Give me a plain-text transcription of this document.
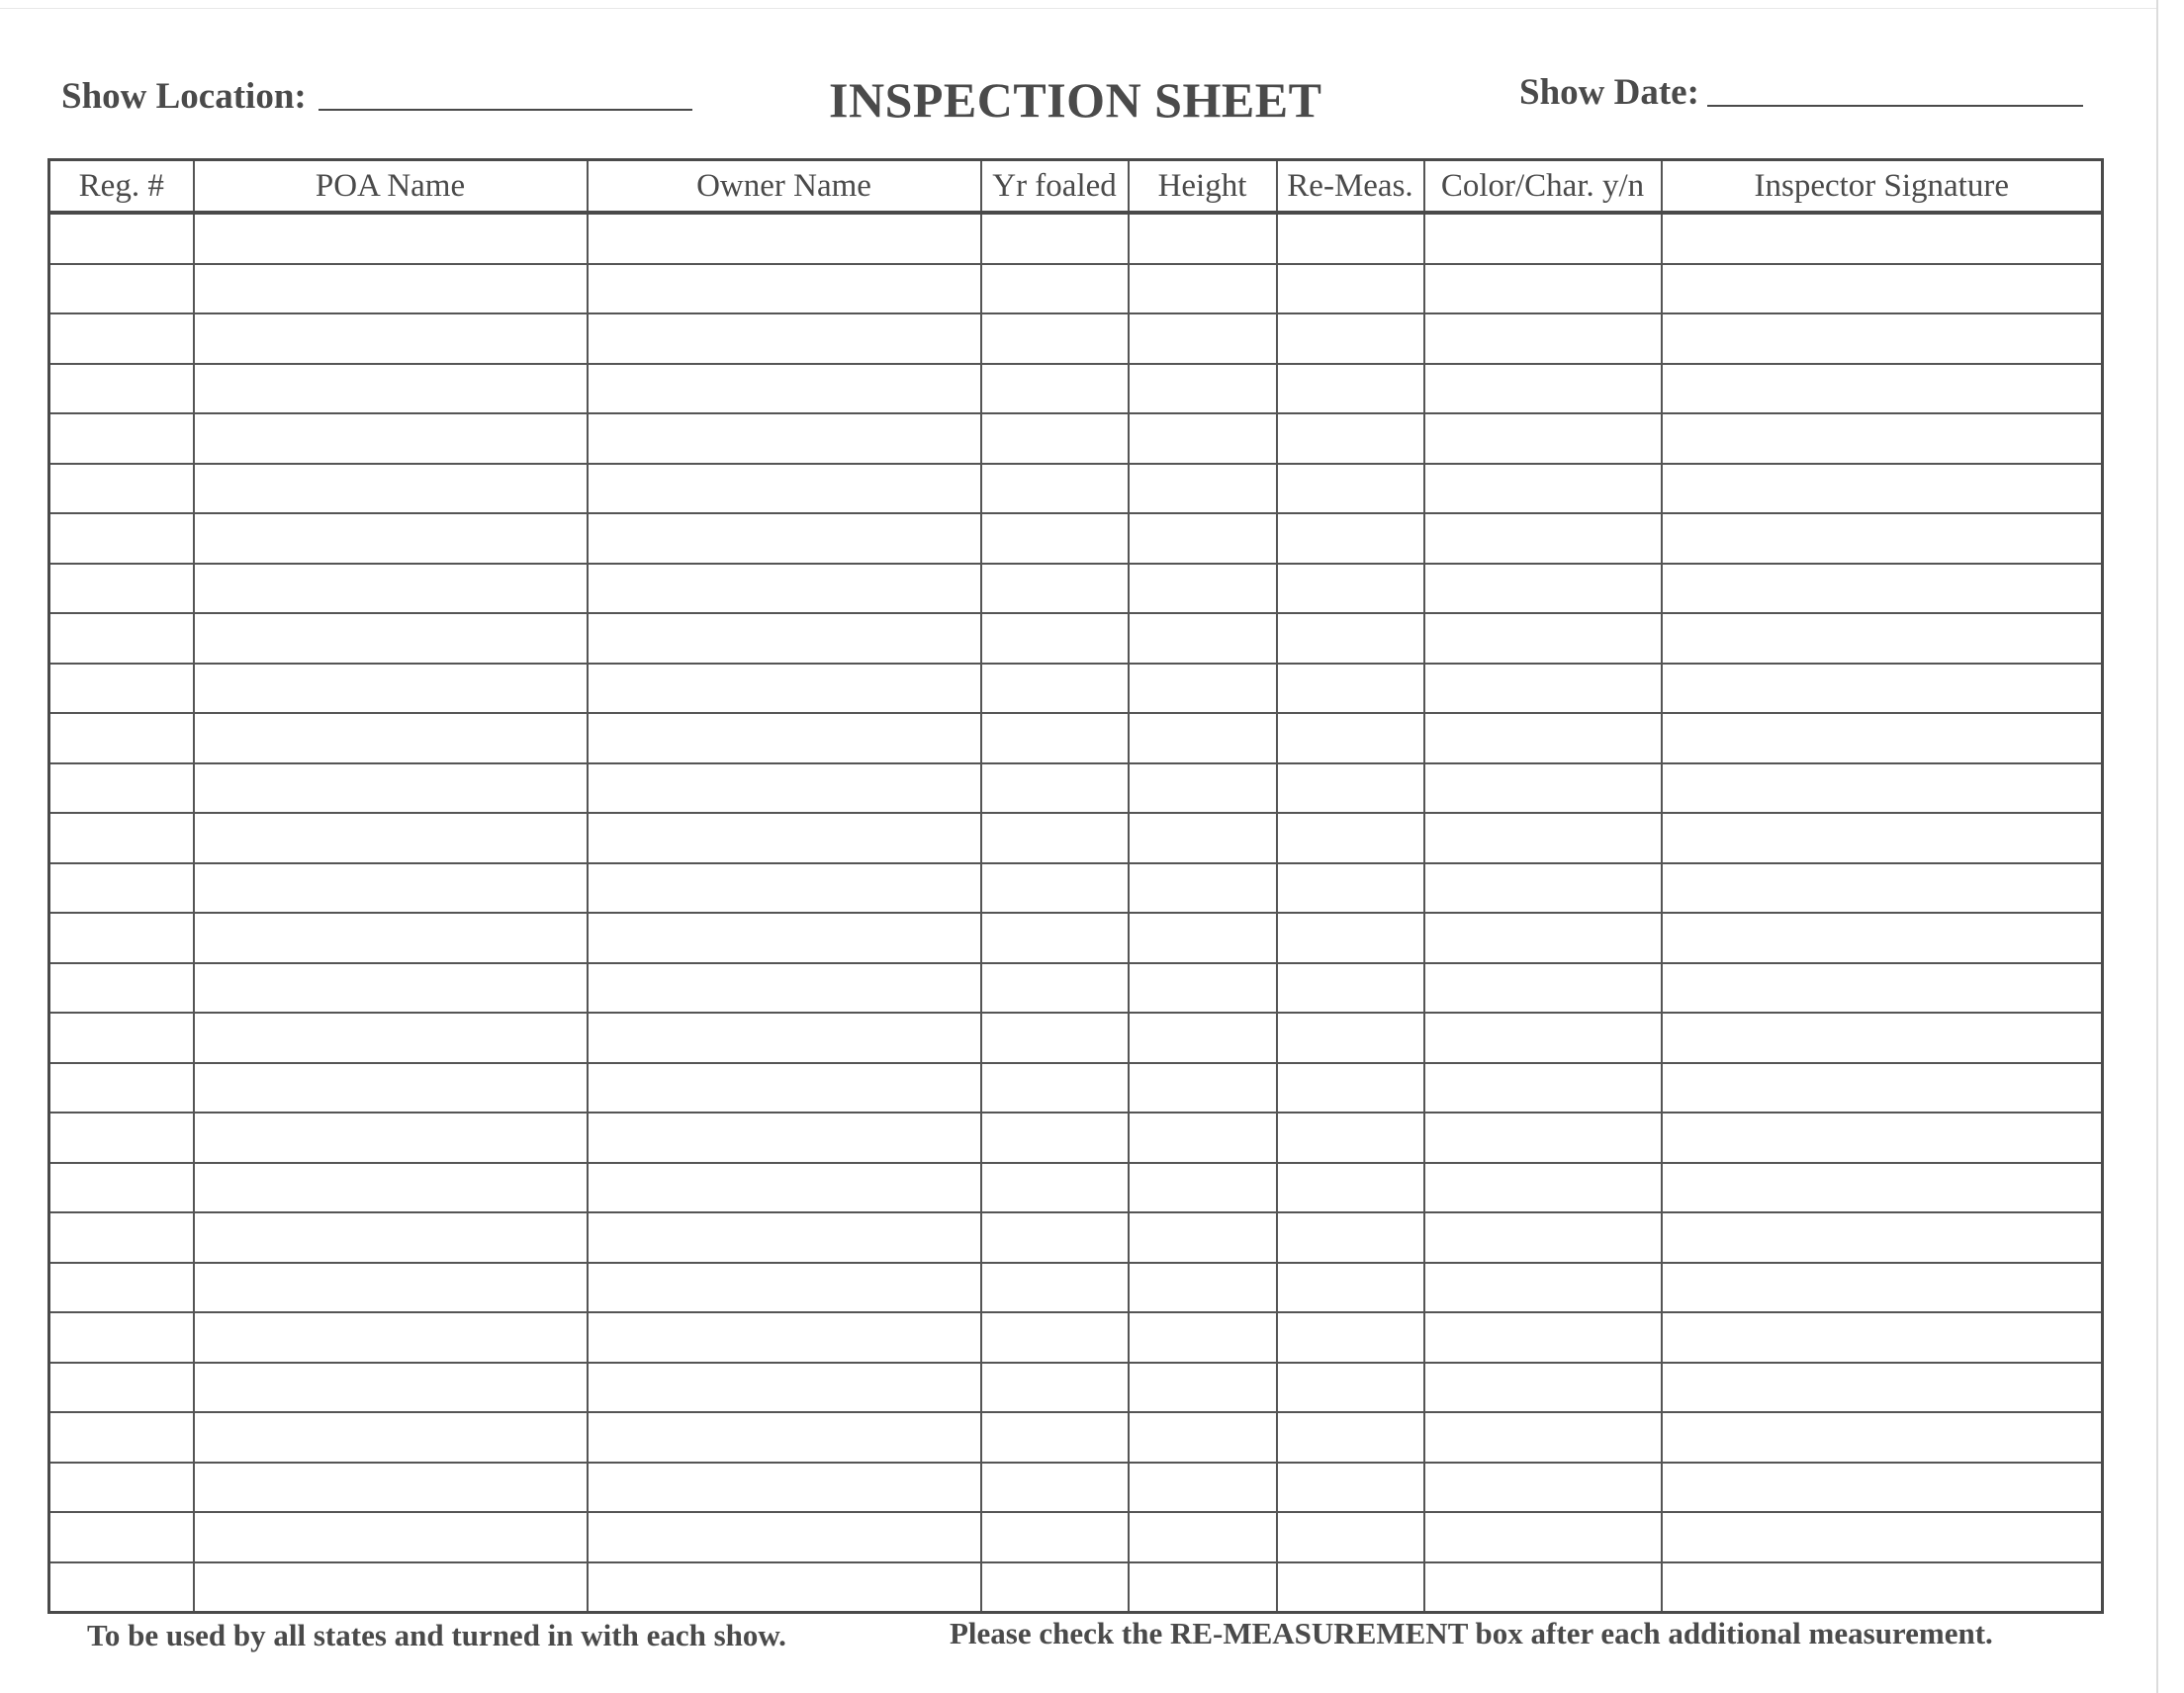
Show Location:	INSPECTION SHEET	Show Date:
Reg. #	POA Name	Owner Name	Yr foaled	Height	Re-Meas.	Color/Char. y/n	Inspector Signature

To be used by all states and turned in with each show.	Please check the RE-MEASUREMENT box after each additional measurement.
